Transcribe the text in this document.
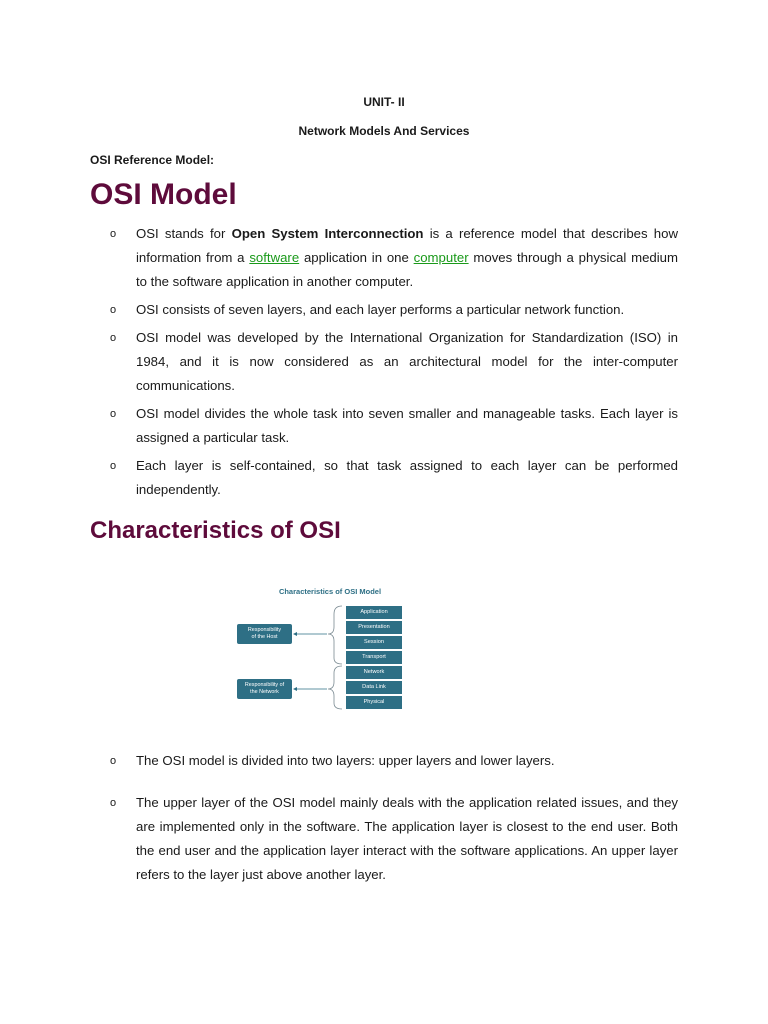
UNIT- II
Network Models And Services
OSI Reference Model:
OSI Model
o OSI stands for Open System Interconnection is a reference model that describes how information from a software application in one computer moves through a physical medium to the software application in another computer.
o OSI consists of seven layers, and each layer performs a particular network function.
o OSI model was developed by the International Organization for Standardization (ISO) in 1984, and it is now considered as an architectural model for the inter-computer communications.
o OSI model divides the whole task into seven smaller and manageable tasks. Each layer is assigned a particular task.
o Each layer is self-contained, so that task assigned to each layer can be performed independently.
Characteristics of OSI
Characteristics of OSI Model
Application
Presentation
Session
Transport
Network
Data Link
Physical
Responsibility
of the Host
Responsibility of
the Network
o The OSI model is divided into two layers: upper layers and lower layers.
o The upper layer of the OSI model mainly deals with the application related issues, and they are implemented only in the software. The application layer is closest to the end user. Both the end user and the application layer interact with the software applications. An upper layer refers to the layer just above another layer.
